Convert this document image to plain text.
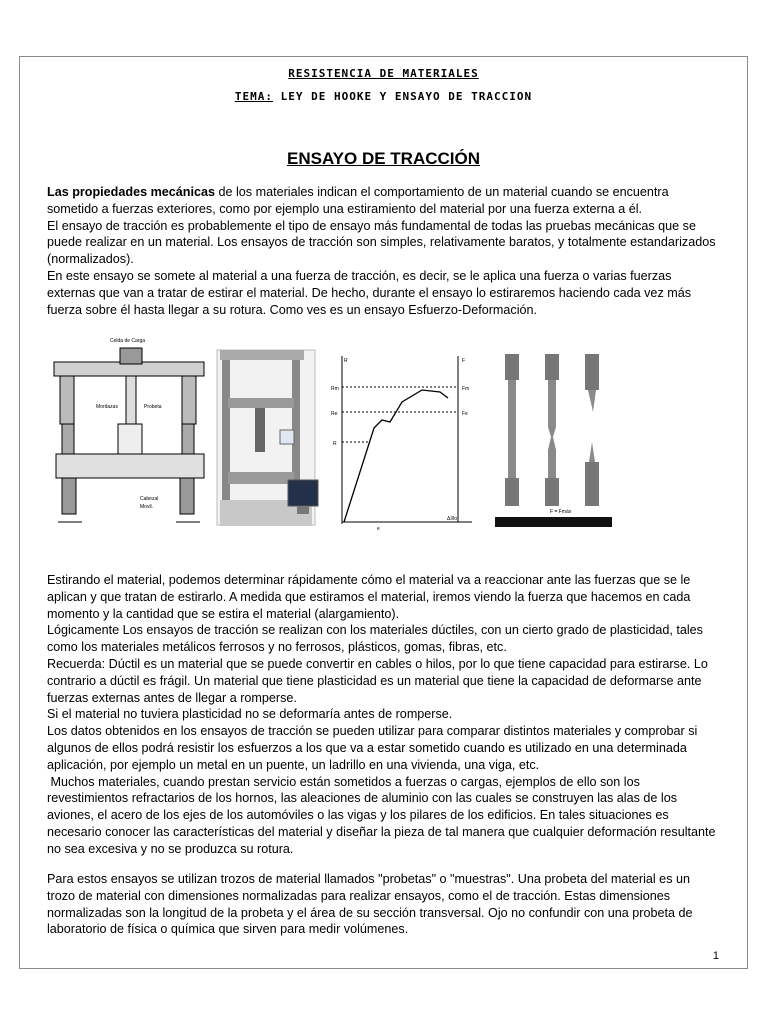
RESISTENCIA DE MATERIALES
TEMA: LEY DE HOOKE Y ENSAYO DE TRACCION
ENSAYO DE TRACCIÓN
Las propiedades mecánicas de los materiales indican el comportamiento de un material cuando se encuentra
sometido a fuerzas exteriores, como por ejemplo una estiramiento del material por una fuerza externa a él.
El ensayo de tracción es probablemente el tipo de ensayo más fundamental de todas las pruebas mecánicas que se
puede realizar en un material. Los ensayos de tracción son simples, relativamente baratos, y totalmente estandarizados
(normalizados).
En este ensayo se somete al material a una fuerza de tracción, es decir, se le aplica una fuerza o varias fuerzas
externas que van a tratar de estirar el material. De hecho, durante el ensayo lo estiraremos haciendo cada vez más
fuerza sobre él hasta llegar a su rotura. Como ves es un ensayo Esfuerzo-Deformación.
Celda de Carga
Mordazas	Probeta
Cabezal
Movil.
R	F
Rm
Re
R
Fm
Fe
e
ΔI/lo
F = Fmáx
Estirando el material, podemos determinar rápidamente cómo el material va a reaccionar ante las fuerzas que se le
aplican y que tratan de estirarlo. A medida que estiramos el material, iremos viendo la fuerza que hacemos en cada
momento y la cantidad que se estira el material (alargamiento).
Lógicamente Los ensayos de tracción se realizan con los materiales dúctiles, con un cierto grado de plasticidad, tales
como los materiales metálicos ferrosos y no ferrosos, plásticos, gomas, fibras, etc.
Recuerda: Dúctil es un material que se puede convertir en cables o hilos, por lo que tiene capacidad para estirarse. Lo
contrario a dúctil es frágil. Un material que tiene plasticidad es un material que tiene la capacidad de deformarse ante
fuerzas externas antes de llegar a romperse.
Si el material no tuviera plasticidad no se deformaría antes de romperse.
Los datos obtenidos en los ensayos de tracción se pueden utilizar para comparar distintos materiales y comprobar si
algunos de ellos podrá resistir los esfuerzos a los que va a estar sometido cuando es utilizado en una determinada
aplicación, por ejemplo un metal en un puente, un ladrillo en una vivienda, una viga, etc.
Muchos materiales, cuando prestan servicio están sometidos a fuerzas o cargas, ejemplos de ello son los
revestimientos refractarios de los hornos, las aleaciones de aluminio con las cuales se construyen las alas de los
aviones, el acero de los ejes de los automóviles o las vigas y los pilares de los edificios. En tales situaciones es
necesario conocer las características del material y diseñar la pieza de tal manera que cualquier deformación resultante
no sea excesiva y no se produzca su rotura.
Para estos ensayos se utilizan trozos de material llamados "probetas" o "muestras". Una probeta del material es un
trozo de material con dimensiones normalizadas para realizar ensayos, como el de tracción. Estas dimensiones
normalizadas son la longitud de la probeta y el área de su sección transversal. Ojo no confundir con una probeta de
laboratorio de física o química que sirven para medir volúmenes.
1
